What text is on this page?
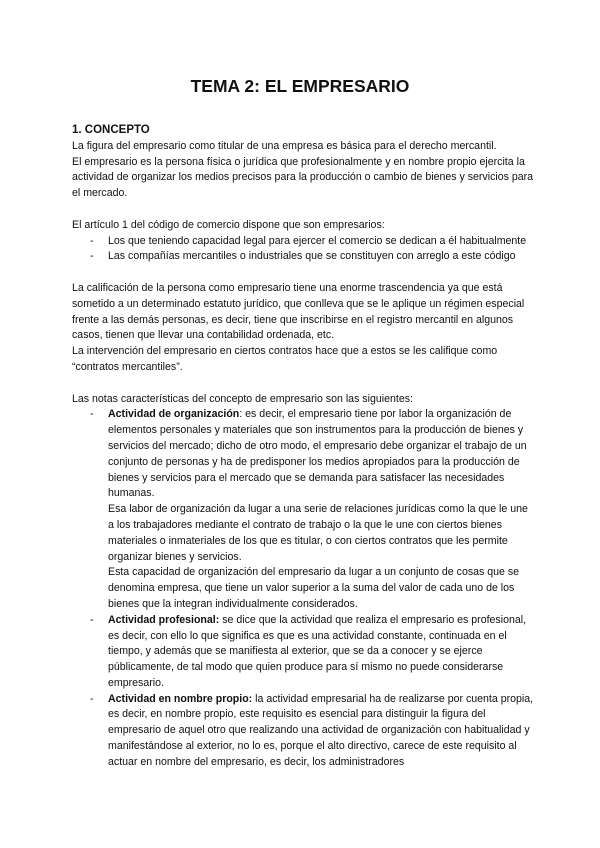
TEMA 2: EL EMPRESARIO

1. CONCEPTO

La figura del empresario como titular de una empresa es básica para el derecho mercantil.

El empresario es la persona física o jurídica que profesionalmente y en nombre propio ejercita la actividad de organizar los medios precisos para la producción o cambio de bienes y servicios para el mercado.

El artículo 1 del código de comercio dispone que son empresarios:

- Los que teniendo capacidad legal para ejercer el comercio se dedican a él habitualmente
- Las compañías mercantiles o industriales que se constituyen con arreglo a este código

La calificación de la persona como empresario tiene una enorme trascendencia ya que está sometido a un determinado estatuto jurídico, que conlleva que se le aplique un régimen especial frente a las demás personas, es decir, tiene que inscribirse en el registro mercantil en algunos casos, tienen que llevar una contabilidad ordenada, etc.

La intervención del empresario en ciertos contratos hace que a estos se les califique como “contratos mercantiles”.

Las notas características del concepto de empresario son las siguientes:

- Actividad de organización: es decir, el empresario tiene por labor la organización de elementos personales y materiales que son instrumentos para la producción de bienes y servicios del mercado; dicho de otro modo, el empresario debe organizar el trabajo de un conjunto de personas y ha de predisponer los medios apropiados para la producción de bienes y servicios para el mercado que se demanda para satisfacer las necesidades humanas.

Esa labor de organización da lugar a una serie de relaciones jurídicas como la que le une a los trabajadores mediante el contrato de trabajo o la que le une con ciertos bienes materiales o inmateriales de los que es titular, o con ciertos contratos que les permite organizar bienes y servicios.

Esta capacidad de organización del empresario da lugar a un conjunto de cosas que se denomina empresa, que tiene un valor superior a la suma del valor de cada uno de los bienes que la integran individualmente considerados.

- Actividad profesional: se dice que la actividad que realiza el empresario es profesional, es decir, con ello lo que significa es que es una actividad constante, continuada en el tiempo, y además que se manifiesta al exterior, que se da a conocer y se ejerce públicamente, de tal modo que quien produce para sí mismo no puede considerarse empresario.
- Actividad en nombre propio: la actividad empresarial ha de realizarse por cuenta propia, es decir, en nombre propio, este requisito es esencial para distinguir la figura del empresario de aquel otro que realizando una actividad de organización con habitualidad y manifestándose al exterior, no lo es, porque el alto directivo, carece de este requisito al actuar en nombre del empresario, es decir, los administradores
